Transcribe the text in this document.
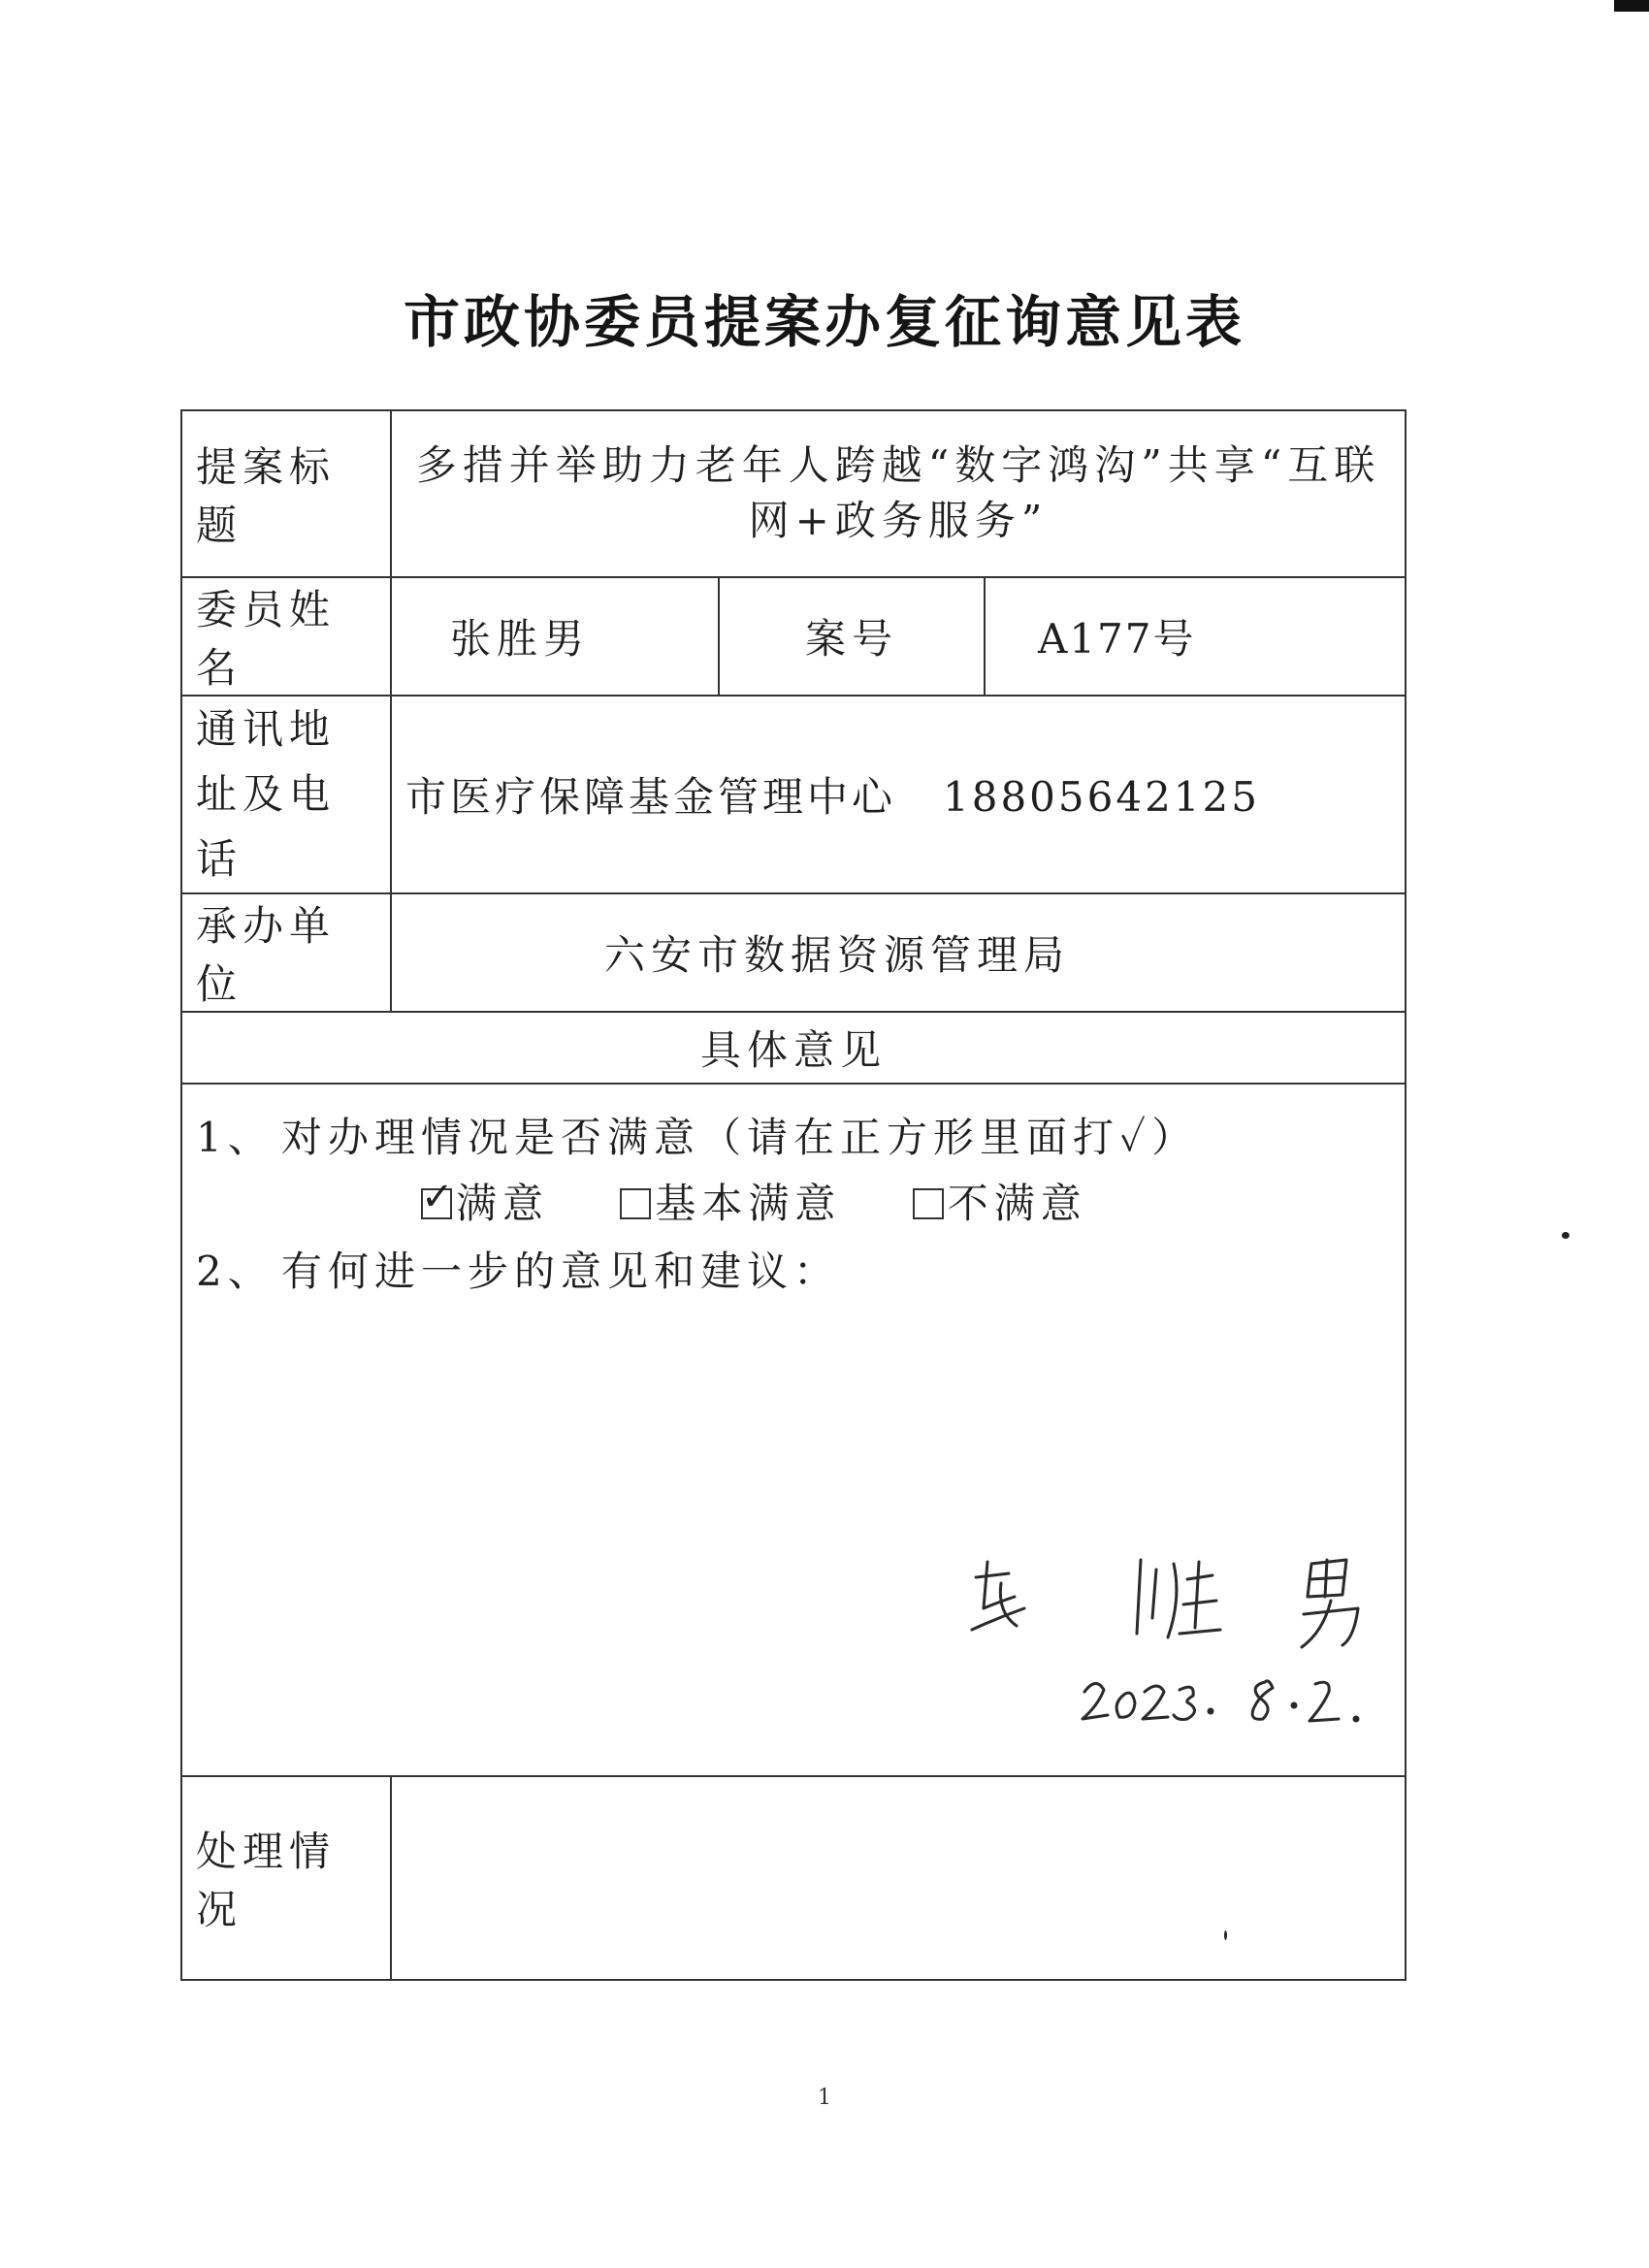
市政协委员提案办复征询意见表
提案标题	多措并举助力老年人跨越“数字鸿沟”共享“互联网+政务服务”		
委员姓名	张胜男	案号	A177号
通讯地址及电话	市医疗保障基金管理中心 18805642125		
承办单位	六安市数据资源管理局		
具体意见			

1、 对办理情况是否满意（请在正方形里面打✓）
✓ 满意 基本满意 不满意
2、 有何进一步的意见和建议：			

处理情况			
1
